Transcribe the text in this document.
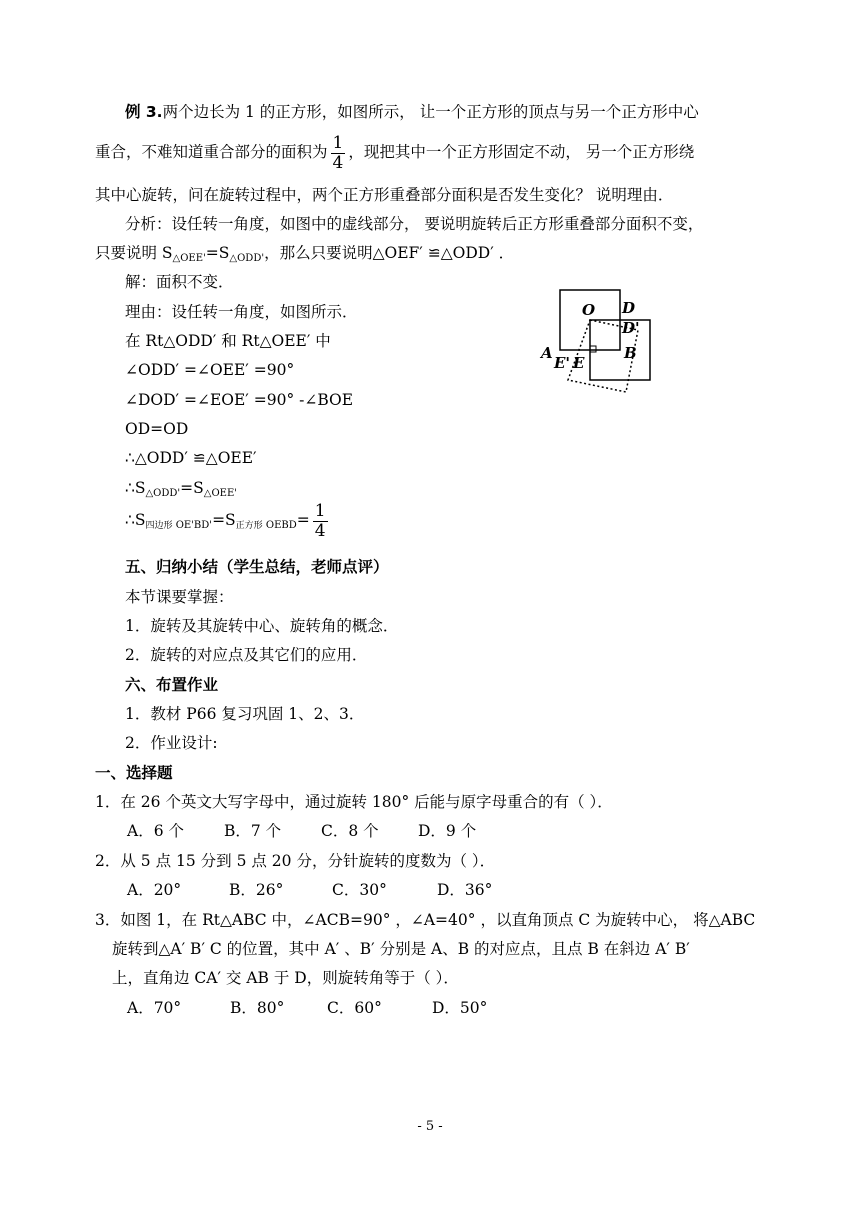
例 3.两个边长为 1 的正方形，如图所示， 让一个正方形的顶点与另一个正方形中心
重合，不难知道重合部分的面积为 $\frac{1}{4}$ ，现把其中一个正方形固定不动， 另一个正方形绕
其中心旋转，问在旋转过程中，两个正方形重叠部分面积是否发生变化？ 说明理由．
分析：设任转一角度，如图中的虚线部分， 要说明旋转后正方形重叠部分面积不变，
只要说明 $S_{\triangle OEE'}=S_{\triangle ODD'}$，那么只要说明△OEF′ ≌△ODD′ ．
解：面积不变．
理由：设任转一角度，如图所示．
在 Rt△ODD′ 和 Rt△OEE′ 中
∠ODD′ =∠OEE′ =90°
∠DOD′ =∠EOE′ =90° -∠BOE
OD=OD
∴△ODD′ ≌△OEE′
$\therefore S_{\triangle ODD'}=S_{\triangle OEE'}$
$\therefore S_{四边形 OE'BD'}=S_{正方形 OEBD}= \frac{1}{4}$
O D
D'
A
E' E
B
五、归纳小结（学生总结，老师点评）
本节课要掌握：
1．旋转及其旋转中心、旋转角的概念．
2．旋转的对应点及其它们的应用．
六、布置作业
1．教材 P66 复习巩固 1、2、3．
2．作业设计:
一、选择题
1．在 26 个英文大写字母中，通过旋转 180° 后能与原字母重合的有（ ）．
A．6 个	B．7 个	C．8 个	D．9 个
2．从 5 点 15 分到 5 点 20 分，分针旋转的度数为（ ）．
A．20°	B．26°	C．30°	D．36°
3．如图 1，在 Rt△ABC 中，∠ACB=90° ，∠A=40° ，以直角顶点 C 为旋转中心， 将△ABC
旋转到△A′ B′ C 的位置，其中 A′ 、B′ 分别是 A、B 的对应点，且点 B 在斜边 A′ B′
上，直角边 CA′ 交 AB 于 D，则旋转角等于（ ）．
A．70°	B．80°	C．60°	D．50°
- 5 -
